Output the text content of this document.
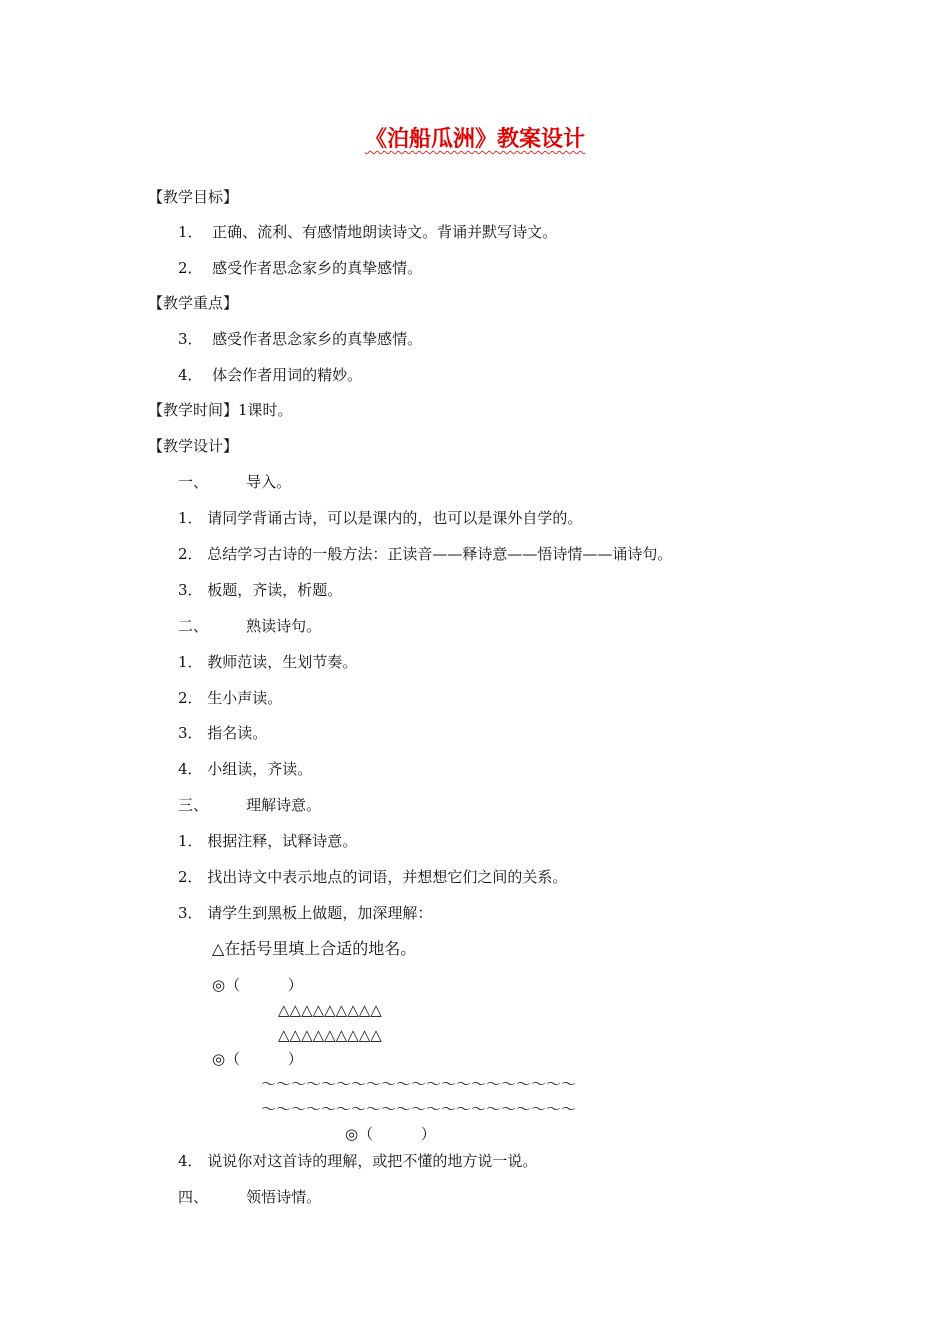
《泊船瓜洲》教案设计
【教学目标】
1．  正确、流利、有感情地朗读诗文。背诵并默写诗文。
2．  感受作者思念家乡的真挚感情。
【教学重点】
3．  感受作者思念家乡的真挚感情。
4．  体会作者用词的精妙。
【教学时间】1课时。
【教学设计】
一、        导入。
1． 请同学背诵古诗，可以是课内的，也可以是课外自学的。
2． 总结学习古诗的一般方法：正读音——释诗意——悟诗情——诵诗句。
3． 板题，齐读，析题。
二、        熟读诗句。
1． 教师范读，生划节奏。
2． 生小声读。
3． 指名读。
4． 小组读，齐读。
三、        理解诗意。
1． 根据注释，试释诗意。
2． 找出诗文中表示地点的词语，并想想它们之间的关系。
3． 请学生到黑板上做题，加深理解：
△在括号里填上合适的地名。
◎（          ）
△△△△△△△△△
△△△△△△△△△
◎（          ）
～～～～～～～～～～～～～～～～～～～～～
～～～～～～～～～～～～～～～～～～～～～
◎（          ）
4． 说说你对这首诗的理解，或把不懂的地方说一说。
四、        领悟诗情。
